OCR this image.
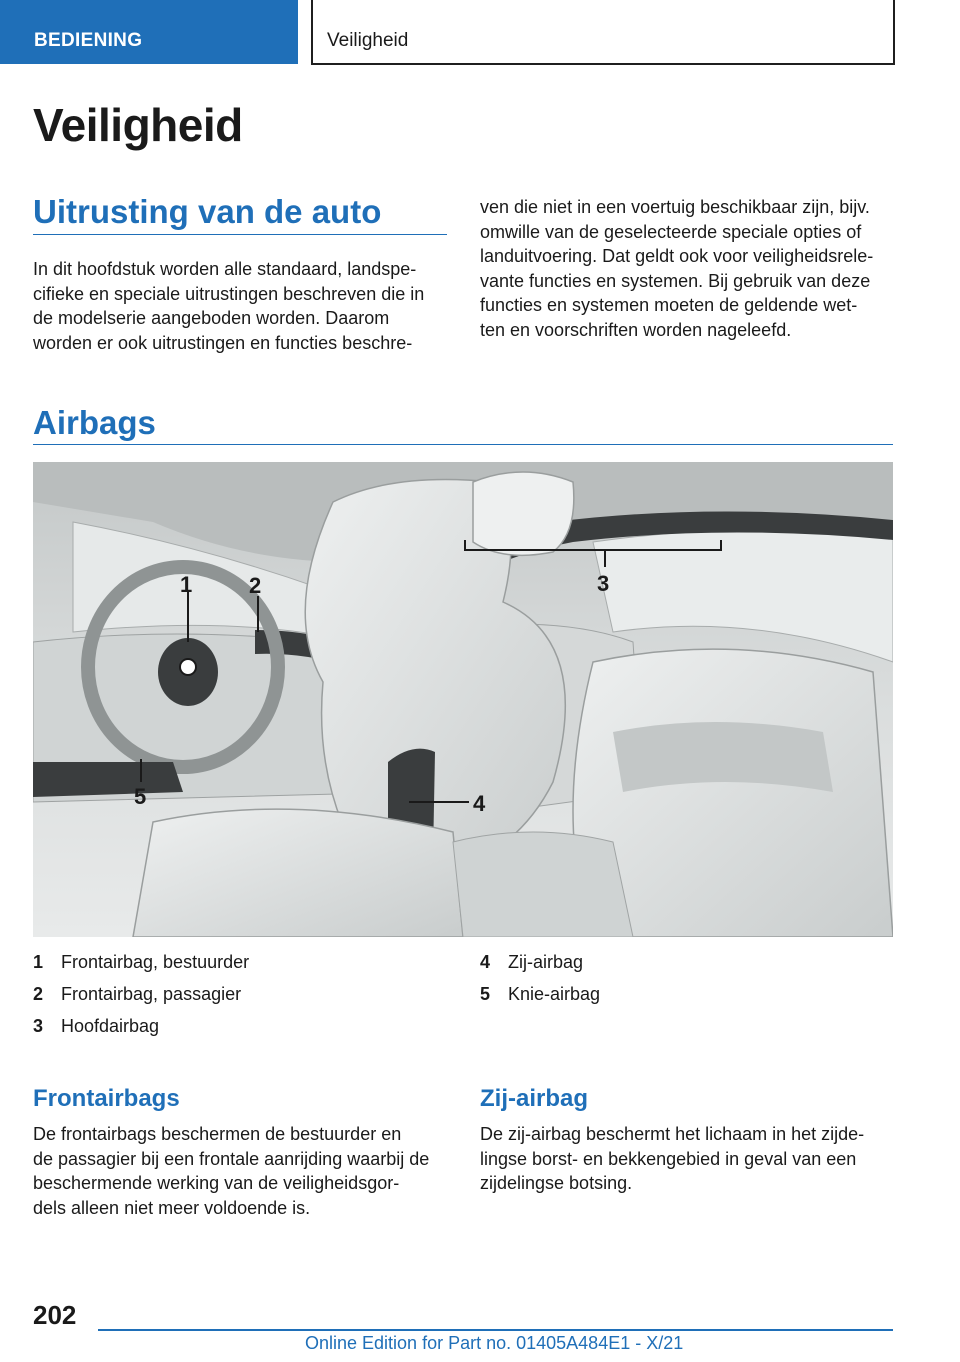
BEDIENING	Veiligheid
Veiligheid
Uitrusting van de auto
In dit hoofdstuk worden alle standaard, landspe-
cifieke en speciale uitrustingen beschreven die in
de modelserie aangeboden worden. Daarom
worden er ook uitrustingen en functies beschre-
ven die niet in een voertuig beschikbaar zijn, bijv.
omwille van de geselecteerde speciale opties of
landuitvoering. Dat geldt ook voor veiligheidsrele-
vante functies en systemen. Bij gebruik van deze
functies en systemen moeten de geldende wet-
ten en voorschriften worden nageleefd.
Airbags
1	2	3
4
5
1 Frontairbag, bestuurder
2 Frontairbag, passagier
3 Hoofdairbag
4 Zij-airbag
5 Knie-airbag
Frontairbags
De frontairbags beschermen de bestuurder en
de passagier bij een frontale aanrijding waarbij de
beschermende werking van de veiligheidsgor-
dels alleen niet meer voldoende is.
Zij-airbag
De zij-airbag beschermt het lichaam in het zijde-
lingse borst- en bekkengebied in geval van een
zijdelingse botsing.
202
Online Edition for Part no. 01405A484E1 - X/21
